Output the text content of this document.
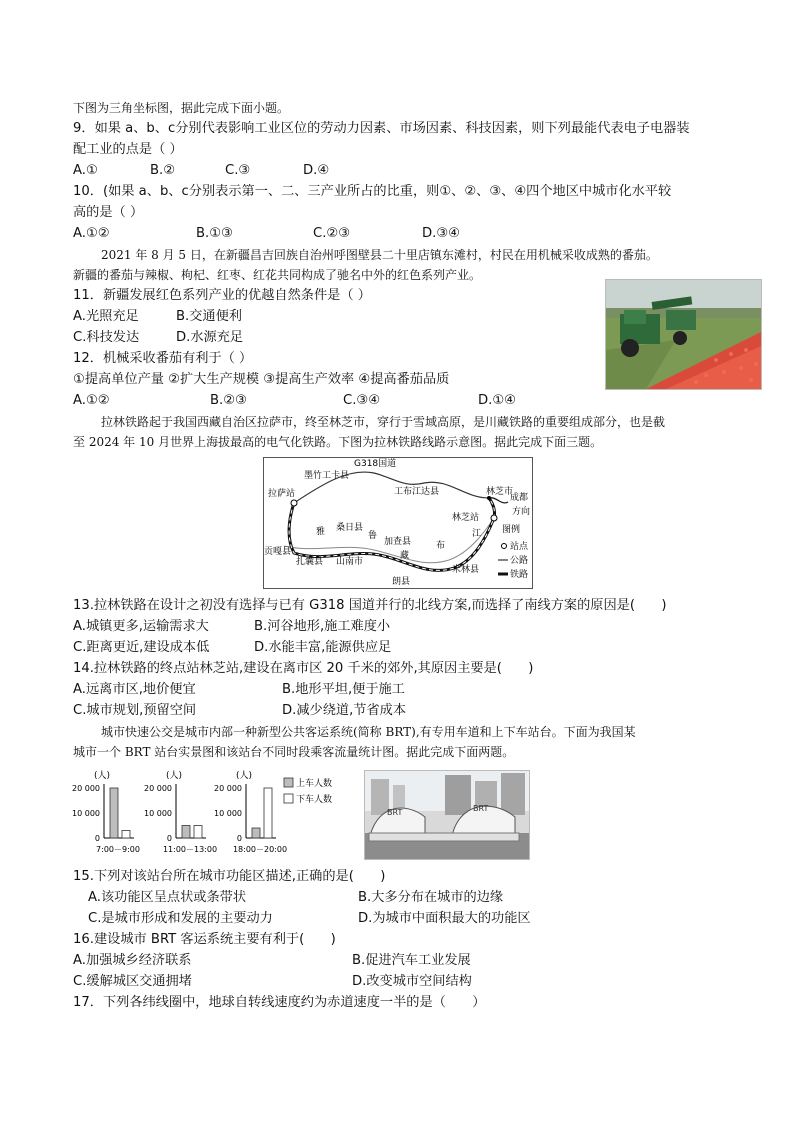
下图为三角坐标图，据此完成下面小题。
9．如果 a、b、c分别代表影响工业区位的劳动力因素、市场因素、科技因素，则下列最能代表电子电器装
配工业的点是（ ）
A.①	B.②	C.③	D.④
10．(如果 a、b、c分别表示第一、二、三产业所占的比重，则①、②、③、④四个地区中城市化水平较
高的是（ ）
A.①②	B.①③	C.②③	D.③④
2021 年 8 月 5 日，在新疆昌吉回族自治州呼图壁县二十里店镇东滩村，村民在用机械采收成熟的番茄。
新疆的番茄与辣椒、枸杞、红枣、红花共同构成了驰名中外的红色系列产业。
11．新疆发展红色系列产业的优越自然条件是（ ）
A.光照充足	B.交通便利
C.科技发达	D.水源充足
12．机械采收番茄有利于（ ）
①提高单位产量 ②扩大生产规模 ③提高生产效率 ④提高番茄品质
A.①②	B.②③	C.③④	D.①④
拉林铁路起于我国西藏自治区拉萨市，终至林芝市，穿行于雪域高原，是川藏铁路的重要组成部分，也是截
至 2024 年 10 月世界上海拔最高的电气化铁路。下图为拉林铁路线路示意图。据此完成下面三题。
G318国道
墨竹工卡县
拉萨站	工布江达县	林芝市
成都
方向
林芝站
雅 桑日县
鲁
加查县
藏
布
江
贡嘎县
扎囊县 山南市
朗县
米林县
图例
站点
公路
铁路
13.拉林铁路在设计之初没有选择与已有 G318 国道并行的北线方案,而选择了南线方案的原因是(　　)
A.城镇更多,运输需求大	B.河谷地形,施工难度小
C.距离更近,建设成本低	D.水能丰富,能源供应足
14.拉林铁路的终点站林芝站,建设在离市区 20 千米的郊外,其原因主要是(　　)
A.远离市区,地价便宜	B.地形平坦,便于施工
C.城市规划,预留空间	D.减少绕道,节省成本
城市快速公交是城市内部一种新型公共客运系统(简称 BRT),有专用车道和上下车站台。下面为我国某
城市一个 BRT 站台实景图和该站台不同时段乘客流量统计图。据此完成下面两题。
(人)
20 000
10 000
0
7:00－9:00
(人)
20 000
10 000
0
11:00－13:00
(人)
20 000
10 000
0
18:00－20:00
上车人数
下车人数
BRT	BRT
15.下列对该站台所在城市功能区描述,正确的是(　　)
A.该功能区呈点状或条带状	B.大多分布在城市的边缘
C.是城市形成和发展的主要动力	D.为城市中面积最大的功能区
16.建设城市 BRT 客运系统主要有利于(　　)
A.加强城乡经济联系	B.促进汽车工业发展
C.缓解城区交通拥堵	D.改变城市空间结构
17．下列各纬线圈中，地球自转线速度约为赤道速度一半的是（　　）
